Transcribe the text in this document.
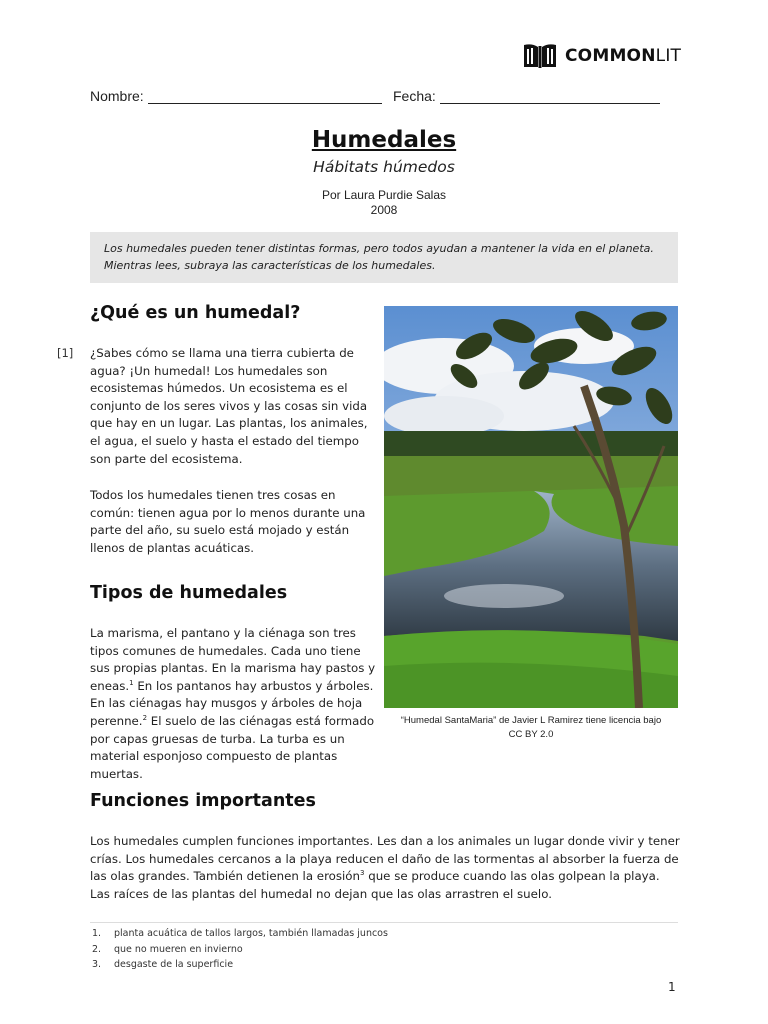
COMMONLIT
Nombre:	Fecha:
Humedales
Hábitats húmedos
Por Laura Purdie Salas
2008

Los humedales pueden tener distintas formas, pero todos ayudan a mantener la vida en el planeta.

Mientras lees, subraya las características de los humedales.

¿Qué es un humedal?
[1] ¿Sabes cómo se llama una tierra cubierta de agua? ¡Un humedal! Los humedales son ecosistemas húmedos. Un ecosistema es el conjunto de los seres vivos y las cosas sin vida que hay en un lugar. Las plantas, los animales, el agua, el suelo y hasta el estado del tiempo son parte del ecosistema.

Todos los humedales tienen tres cosas en común: tienen agua por lo menos durante una parte del año, su suelo está mojado y están llenos de plantas acuáticas.

Tipos de humedales

La marisma, el pantano y la ciénaga son tres tipos comunes de humedales. Cada uno tiene sus propias plantas. En la marisma hay pastos y eneas.$^1$ En los pantanos hay arbustos y árboles. En las ciénagas hay musgos y árboles de hoja perenne.$^2$ El suelo de las ciénagas está formado por capas gruesas de turba. La turba es un material esponjoso compuesto de plantas muertas.

“Humedal SantaMaria” de Javier L Ramirez tiene licencia bajo
CC BY 2.0
Funciones importantes

Los humedales cumplen funciones importantes. Les dan a los animales un lugar donde vivir y tener crías. Los humedales cercanos a la playa reducen el daño de las tormentas al absorber la fuerza de las olas grandes. También detienen la erosión$^3$ que se produce cuando las olas golpean la playa. Las raíces de las plantas del humedal no dejan que las olas arrastren el suelo.

1. planta acuática de tallos largos, también llamadas juncos
2. que no mueren en invierno
3. desgaste de la superficie
1
